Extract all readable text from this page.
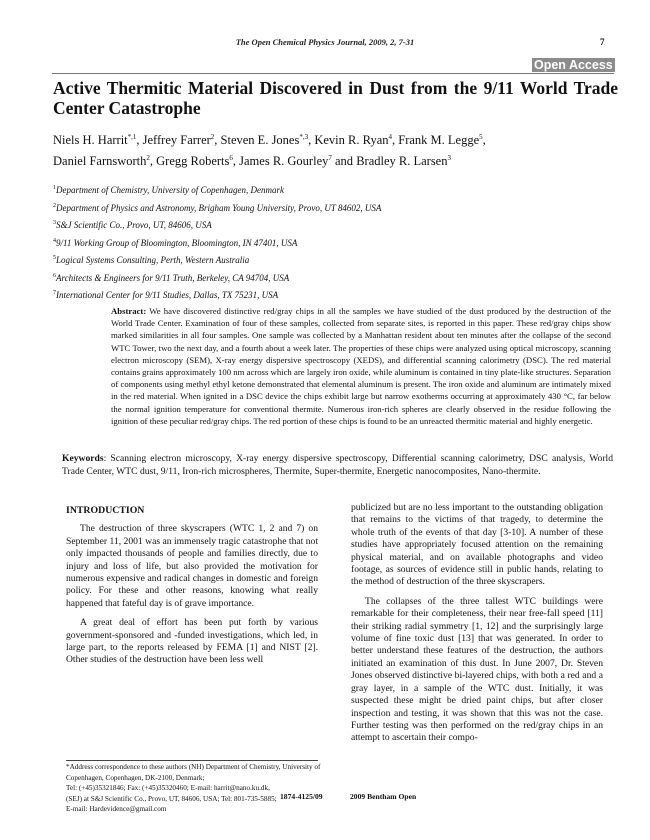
The Open Chemical Physics Journal, 2009, 2, 7-31	7
Open Access
Active Thermitic Material Discovered in Dust from the 9/11 World Trade Center Catastrophe
Niels H. Harrit$^{*,1}$, Jeffrey Farrer$^2$, Steven E. Jones$^{*,3}$, Kevin R. Ryan$^4$, Frank M. Legge$^5$,
Daniel Farnsworth$^2$, Gregg Roberts$^6$, James R. Gourley$^7$ and Bradley R. Larsen$^3$
$^1$Department of Chemistry, University of Copenhagen, Denmark
$^2$Department of Physics and Astronomy, Brigham Young University, Provo, UT 84602, USA
$^3$S&J Scientific Co., Provo, UT, 84606, USA
$^4$9/11 Working Group of Bloomington, Bloomington, IN 47401, USA
$^5$Logical Systems Consulting, Perth, Western Australia
$^6$Architects & Engineers for 9/11 Truth, Berkeley, CA 94704, USA
$^7$International Center for 9/11 Studies, Dallas, TX 75231, USA
Abstract: We have discovered distinctive red/gray chips in all the samples we have studied of the dust produced by the destruction of the World Trade Center. Examination of four of these samples, collected from separate sites, is reported in this paper. These red/gray chips show marked similarities in all four samples. One sample was collected by a Manhattan resident about ten minutes after the collapse of the second WTC Tower, two the next day, and a fourth about a week later. The properties of these chips were analyzed using optical microscopy, scanning electron microscopy (SEM), X-ray energy dispersive spectroscopy (XEDS), and differential scanning calorimetry (DSC). The red material contains grains approximately 100 nm across which are largely iron oxide, while aluminum is contained in tiny plate-like structures. Separation of components using methyl ethyl ketone demonstrated that elemental aluminum is present. The iron oxide and aluminum are intimately mixed in the red material. When ignited in a DSC device the chips exhibit large but narrow exotherms occurring at approximately 430 °C, far below the normal ignition temperature for conventional thermite. Numerous iron-rich spheres are clearly observed in the residue following the ignition of these peculiar red/gray chips. The red portion of these chips is found to be an unreacted thermitic material and highly energetic.
Keywords: Scanning electron microscopy, X-ray energy dispersive spectroscopy, Differential scanning calorimetry, DSC analysis, World Trade Center, WTC dust, 9/11, Iron-rich microspheres, Thermite, Super-thermite, Energetic nanocomposites, Nano-thermite.
INTRODUCTION

The destruction of three skyscrapers (WTC 1, 2 and 7) on September 11, 2001 was an immensely tragic catastrophe that not only impacted thousands of people and families directly, due to injury and loss of life, but also provided the motivation for numerous expensive and radical changes in domestic and foreign policy. For these and other reasons, knowing what really happened that fateful day is of grave importance.

A great deal of effort has been put forth by various government-sponsored and -funded investigations, which led, in large part, to the reports released by FEMA [1] and NIST [2]. Other studies of the destruction have been less well

publicized but are no less important to the outstanding obligation that remains to the victims of that tragedy, to determine the whole truth of the events of that day [3-10]. A number of these studies have appropriately focused attention on the remaining physical material, and on available photographs and video footage, as sources of evidence still in public hands, relating to the method of destruction of the three skyscrapers.

The collapses of the three tallest WTC buildings were remarkable for their completeness, their near free-fall speed [11] their striking radial symmetry [1, 12] and the surprisingly large volume of fine toxic dust [13] that was generated. In order to better understand these features of the destruction, the authors initiated an examination of this dust. In June 2007, Dr. Steven Jones observed distinctive bi-layered chips, with both a red and a gray layer, in a sample of the WTC dust. Initially, it was suspected these might be dried paint chips, but after closer inspection and testing, it was shown that this was not the case. Further testing was then performed on the red/gray chips in an attempt to ascertain their compo-

*Address correspondence to these authors (NH) Department of Chemistry, University of Copenhagen, Copenhagen, DK-2100, Denmark;
Tel: (+45)35321846; Fax: (+45)35320460; E-mail: harrit@nano.ku.dk,
(SEJ) at S&J Scientific Co., Provo, UT, 84606, USA; Tel: 801-735-5885;
E-mail: Hardevidence@gmail.com
1874-4125/09	2009 Bentham Open
